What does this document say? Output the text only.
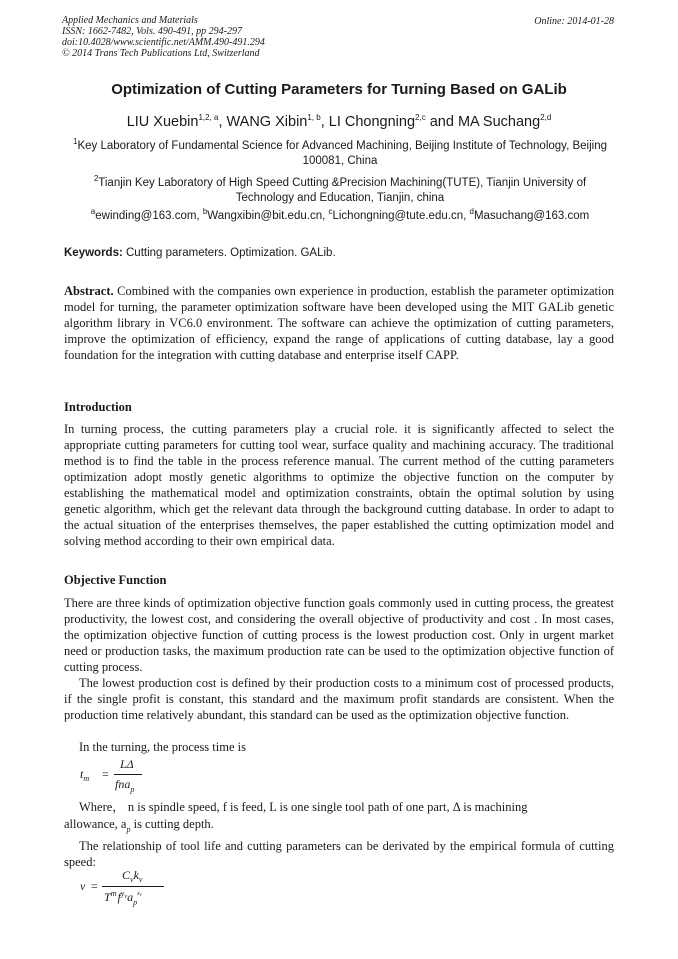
Applied Mechanics and Materials
ISSN: 1662-7482, Vols. 490-491, pp 294-297
doi:10.4028/www.scientific.net/AMM.490-491.294
© 2014 Trans Tech Publications Ltd, Switzerland
Online: 2014-01-28
Optimization of Cutting Parameters for Turning Based on GALib
LIU Xuebin$^{1,2, a}$, WANG Xibin$^{1, b}$, LI Chongning$^{2,c}$ and MA Suchang$^{2,d}$
$^1$Key Laboratory of Fundamental Science for Advanced Machining, Beijing Institute of Technology, Beijing 100081, China
$^2$Tianjin Key Laboratory of High Speed Cutting &Precision Machining(TUTE), Tianjin University of Technology and Education, Tianjin, china
$^a$ewinding@163.com, $^b$Wangxibin@bit.edu.cn, $^c$Lichongning@tute.edu.cn, $^d$Masuchang@163.com
Keywords: Cutting parameters. Optimization. GALib.
Abstract. Combined with the companies own experience in production, establish the parameter optimization model for turning, the parameter optimization software have been developed using the MIT GALib genetic algorithm library in VC6.0 environment. The software can achieve the optimization of cutting parameters, improve the optimization of efficiency, expand the range of applications of cutting database, lay a good foundation for the integration with cutting database and enterprise itself CAPP.
Introduction
In turning process, the cutting parameters play a crucial role. it is significantly affected to select the appropriate cutting parameters for cutting tool wear, surface quality and machining accuracy. The traditional method is to find the table in the process reference manual. The current method of the cutting parameters optimization adopt mostly genetic algorithms to optimize the objective function on the computer by establishing the mathematical model and optimization constraints, obtain the optimal solution by using genetic algorithm, which get the relevant data through the background cutting database. In order to adapt to the actual situation of the enterprises themselves, the paper established the cutting optimization model and solving method according to their own empirical data.
Objective Function
There are three kinds of optimization objective function goals commonly used in cutting process, the greatest productivity, the lowest cost, and considering the overall objective of productivity and cost . In most cases, the optimization objective function of cutting process is the lowest production cost. Only in urgent market need or production tasks, the maximum production rate can be used to the optimization objective function of cutting process.
The lowest production cost is defined by their production costs to a minimum cost of processed products, if the single profit is constant, this standard and the maximum profit standards are consistent. When the production time relatively abundant, this standard can be used as the optimization objective function.
In the turning, the process time is
$t_m$ =
LΔ
fna$_p$
Where， n is spindle speed, f is feed, L is one single tool path of one part, Δ is machining
allowance, $a_p$ is cutting depth.
The relationship of tool life and cutting parameters can be derivated by the empirical formula of cutting speed:
v =
$C_vk_v$
$T^m$ $f^{yv}a_p^{xv}$
